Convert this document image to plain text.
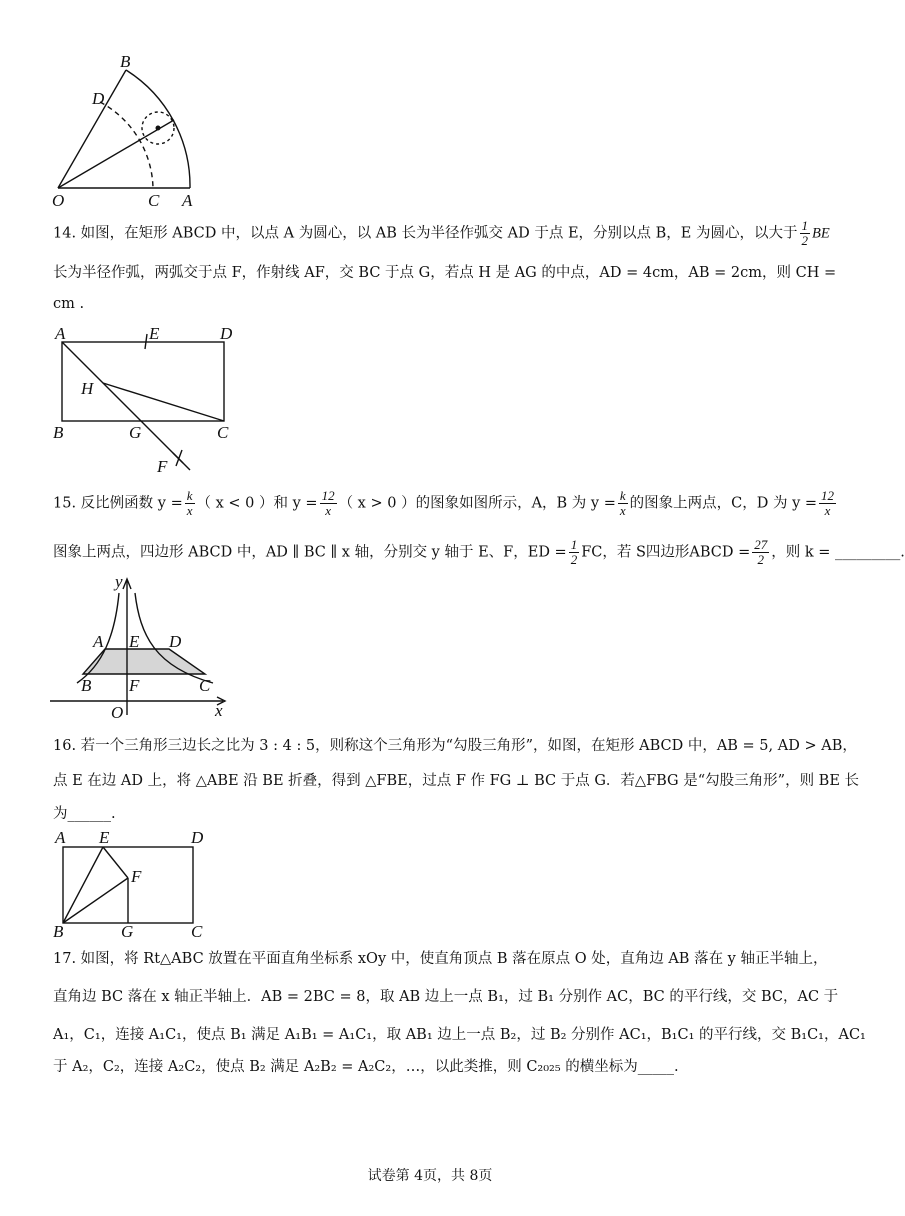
B
D
O	C A
14. 如图，在矩形 ABCD 中，以点 A 为圆心，以 AB 长为半径作弧交 AD 于点 E，分别以点 B，E 为圆心，以大于 $\frac{1}{2}$ BE
长为半径作弧，两弧交于点 F，作射线 AF，交 BC 于点 G，若点 H 是 AG 的中点，AD = 4cm，AB = 2cm，则 CH =
cm .
A	E	D
H
B	G	C
F
15. 反比例函数 $y = \frac{k}{x}$ （ x < 0 ）和 $y = \frac{12}{x}$ （ x > 0 ）的图象如图所示，A，B 为 $y = \frac{k}{x}$ 的图象上两点，C，D 为 $y = \frac{12}{x}$
图象上两点，四边形 ABCD 中，AD ∥ BC ∥ x 轴，分别交 y 轴于 E、F，ED = $\frac{1}{2}$ FC，若 S四边形ABCD = $\frac{27}{2}$ ，则 k = _________.
y
A E D
B F	C
O	x
16. 若一个三角形三边长之比为 3 : 4 : 5，则称这个三角形为“勾股三角形”，如图，在矩形 ABCD 中，AB = 5, AD > AB，
点 E 在边 AD 上，将 △ABE 沿 BE 折叠，得到 △FBE，过点 F 作 FG ⊥ BC 于点 G．若△FBG 是“勾股三角形”，则 BE 长
为______.
A E	D
F
B	G	C
17. 如图，将 Rt△ABC 放置在平面直角坐标系 xOy 中，使直角顶点 B 落在原点 O 处，直角边 AB 落在 y 轴正半轴上，
直角边 BC 落在 x 轴正半轴上．AB = 2BC = 8，取 AB 边上一点 B₁，过 B₁ 分别作 AC，BC 的平行线，交 BC，AC 于
A₁，C₁，连接 A₁C₁，使点 B₁ 满足 A₁B₁ = A₁C₁，取 AB₁ 边上一点 B₂，过 B₂ 分别作 AC₁，B₁C₁ 的平行线，交 B₁C₁，AC₁
于 A₂，C₂，连接 A₂C₂，使点 B₂ 满足 A₂B₂ = A₂C₂，…，以此类推，则 C₂₀₂₅ 的横坐标为_____.
试卷第 4页，共 8页
